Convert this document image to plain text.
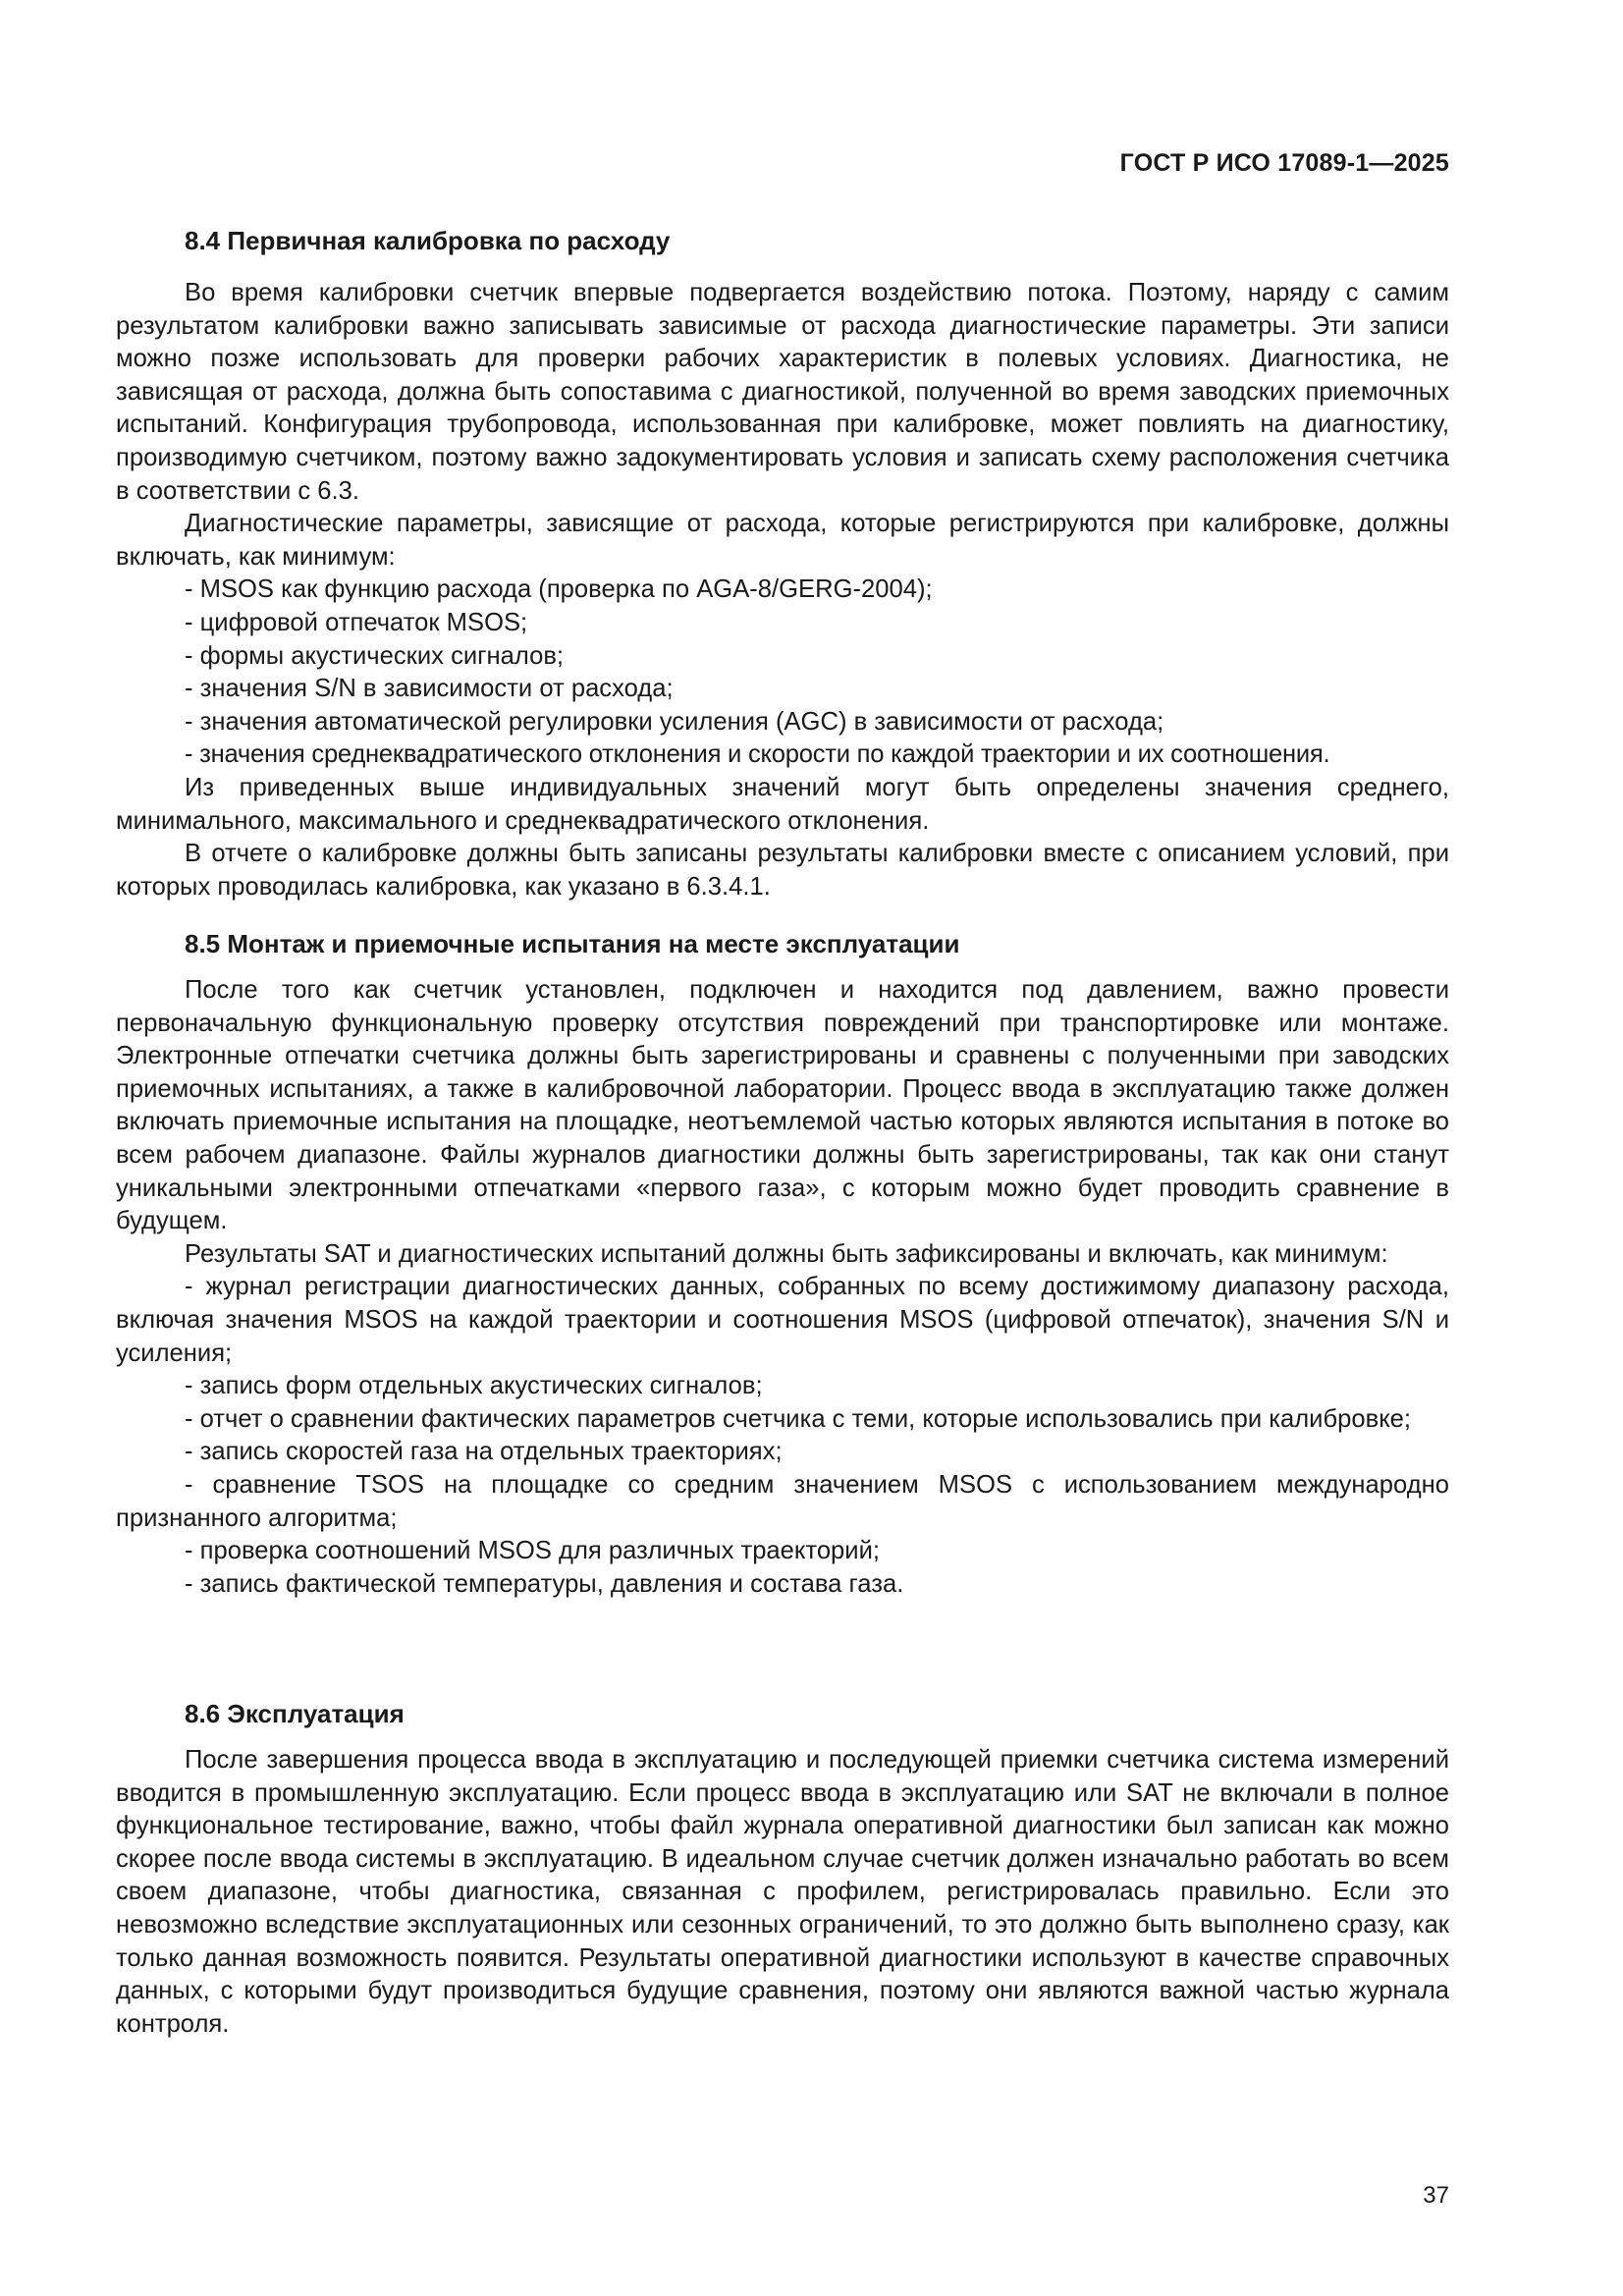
ГОСТ Р ИСО 17089-1—2025
8.4 Первичная калибровка по расходу

Во время калибровки счетчик впервые подвергается воздействию потока. Поэтому, наряду с самим результатом калибровки важно записывать зависимые от расхода диагностические параметры. Эти записи можно позже использовать для проверки рабочих характеристик в полевых условиях. Диагностика, не зависящая от расхода, должна быть сопоставима с диагностикой, полученной во время заводских приемочных испытаний. Конфигурация трубопровода, использованная при калибровке, может повлиять на диагностику, производимую счетчиком, поэтому важно задокументировать условия и записать схему расположения счетчика в соответствии с 6.3.

Диагностические параметры, зависящие от расхода, которые регистрируются при калибровке, должны включать, как минимум:

- MSOS как функцию расхода (проверка по AGA-8/GERG-2004);

- цифровой отпечаток MSOS;

- формы акустических сигналов;

- значения S/N в зависимости от расхода;

- значения автоматической регулировки усиления (AGC) в зависимости от расхода;

- значения среднеквадратического отклонения и скорости по каждой траектории и их соотношения.

Из приведенных выше индивидуальных значений могут быть определены значения среднего, минимального, максимального и среднеквадратического отклонения.

В отчете о калибровке должны быть записаны результаты калибровки вместе с описанием условий, при которых проводилась калибровка, как указано в 6.3.4.1.

8.5 Монтаж и приемочные испытания на месте эксплуатации

После того как счетчик установлен, подключен и находится под давлением, важно провести первоначальную функциональную проверку отсутствия повреждений при транспортировке или монтаже. Электронные отпечатки счетчика должны быть зарегистрированы и сравнены с полученными при заводских приемочных испытаниях, а также в калибровочной лаборатории. Процесс ввода в эксплуатацию также должен включать приемочные испытания на площадке, неотъемлемой частью которых являются испытания в потоке во всем рабочем диапазоне. Файлы журналов диагностики должны быть зарегистрированы, так как они станут уникальными электронными отпечатками «первого газа», с которым можно будет проводить сравнение в будущем.

Результаты SAT и диагностических испытаний должны быть зафиксированы и включать, как минимум:

- журнал регистрации диагностических данных, собранных по всему достижимому диапазону расхода, включая значения MSOS на каждой траектории и соотношения MSOS (цифровой отпечаток), значения S/N и усиления;

- запись форм отдельных акустических сигналов;

- отчет о сравнении фактических параметров счетчика с теми, которые использовались при калибровке;

- запись скоростей газа на отдельных траекториях;

- сравнение TSOS на площадке со средним значением MSOS с использованием международно признанного алгоритма;

- проверка соотношений MSOS для различных траекторий;

- запись фактической температуры, давления и состава газа.

8.6 Эксплуатация

После завершения процесса ввода в эксплуатацию и последующей приемки счетчика система измерений вводится в промышленную эксплуатацию. Если процесс ввода в эксплуатацию или SAT не включали в полное функциональное тестирование, важно, чтобы файл журнала оперативной диагностики был записан как можно скорее после ввода системы в эксплуатацию. В идеальном случае счетчик должен изначально работать во всем своем диапазоне, чтобы диагностика, связанная с профилем, регистрировалась правильно. Если это невозможно вследствие эксплуатационных или сезонных ограничений, то это должно быть выполнено сразу, как только данная возможность появится. Результаты оперативной диагностики используют в качестве справочных данных, с которыми будут производиться будущие сравнения, поэтому они являются важной частью журнала контроля.

37
